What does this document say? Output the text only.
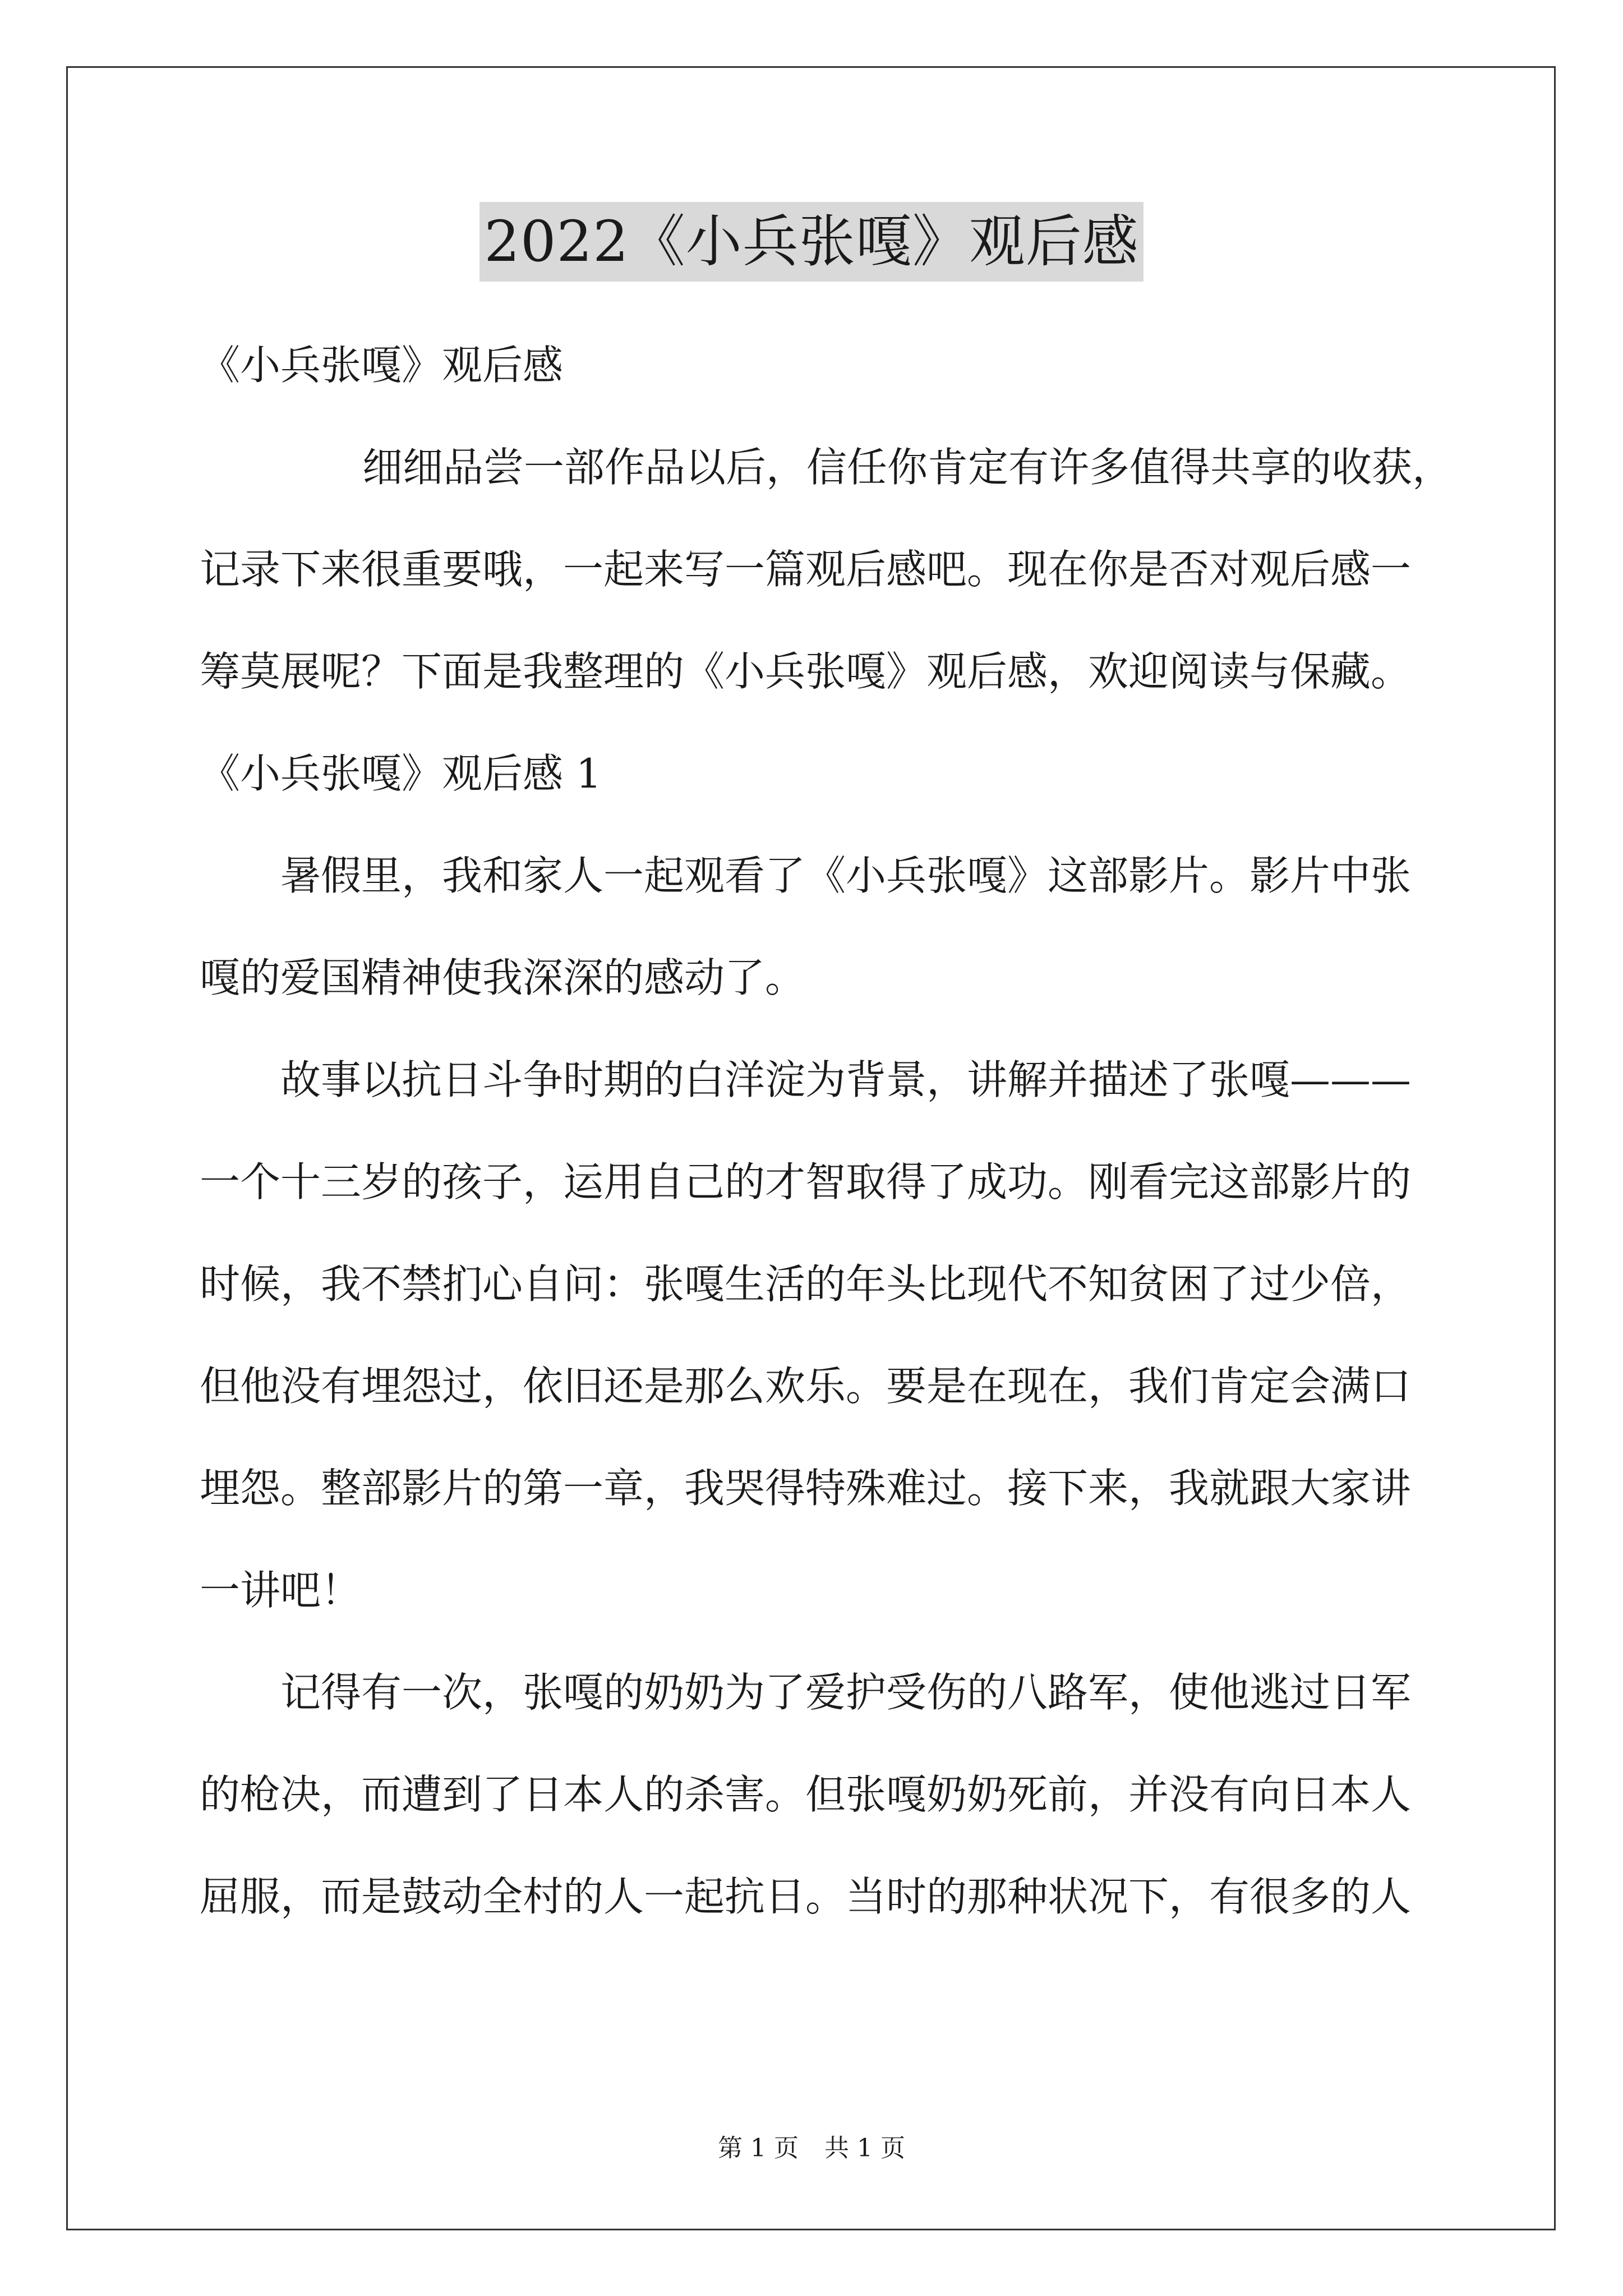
2022《小兵张嘎》观后感
《小兵张嘎》观后感
细细品尝一部作品以后，信任你肯定有许多值得共享的收获，
记录下来很重要哦，一起来写一篇观后感吧。现在你是否对观后感一
筹莫展呢？下面是我整理的《小兵张嘎》观后感，欢迎阅读与保藏。
《小兵张嘎》观后感 1
暑假里，我和家人一起观看了《小兵张嘎》这部影片。影片中张
嘎的爱国精神使我深深的感动了。
故事以抗日斗争时期的白洋淀为背景，讲解并描述了张嘎———
一个十三岁的孩子，运用自己的才智取得了成功。刚看完这部影片的
时候，我不禁扪心自问：张嘎生活的年头比现代不知贫困了过少倍，
但他没有埋怨过，依旧还是那么欢乐。要是在现在，我们肯定会满口
埋怨。整部影片的第一章，我哭得特殊难过。接下来，我就跟大家讲
一讲吧！
记得有一次，张嘎的奶奶为了爱护受伤的八路军，使他逃过日军
的枪决，而遭到了日本人的杀害。但张嘎奶奶死前，并没有向日本人
屈服，而是鼓动全村的人一起抗日。当时的那种状况下，有很多的人
第 1 页 共 1 页
